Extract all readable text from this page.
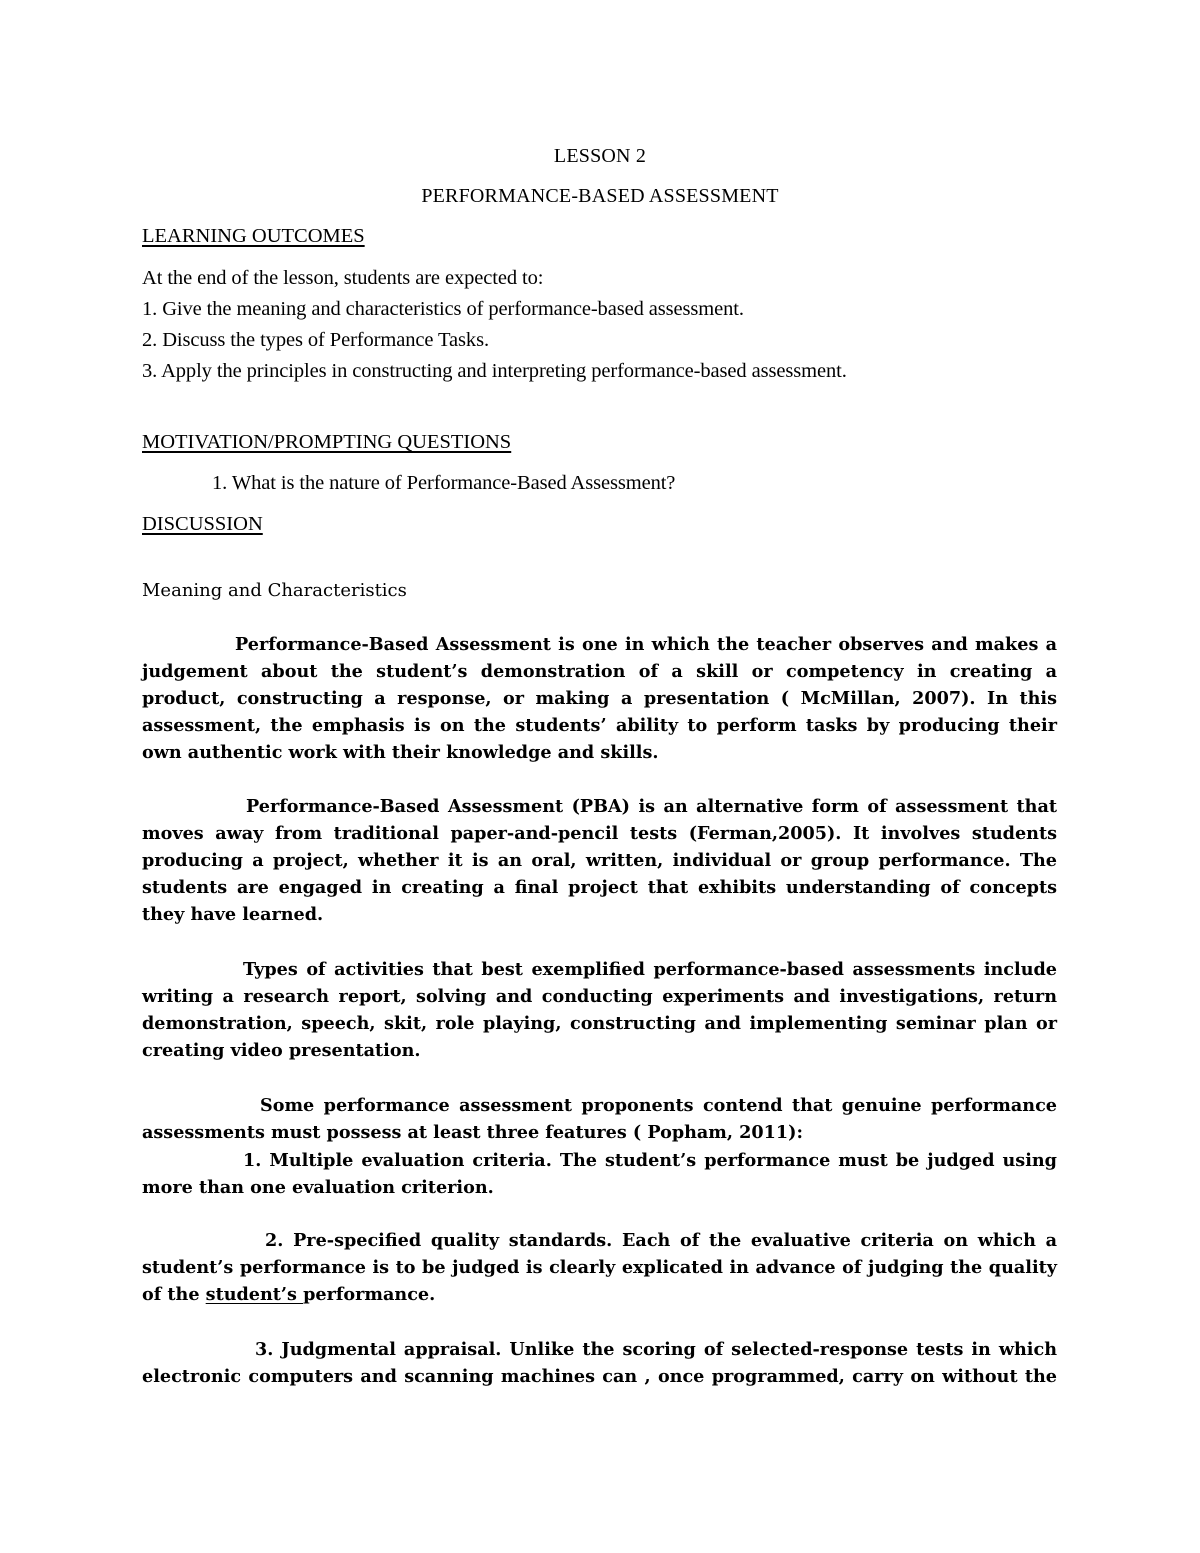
LESSON 2
PERFORMANCE-BASED ASSESSMENT
LEARNING OUTCOMES
At the end of the lesson, students are expected to:
1. Give the meaning and characteristics of performance-based assessment.
2. Discuss the types of Performance Tasks.
3. Apply the principles in constructing and interpreting performance-based assessment.
MOTIVATION/PROMPTING QUESTIONS
1. What is the nature of Performance-Based Assessment?
DISCUSSION
Meaning and Characteristics
Performance-Based Assessment is one in which the teacher observes and makes a
judgement about the student’s demonstration of a skill or competency in creating a
product, constructing a response, or making a presentation ( McMillan, 2007). In this
assessment, the emphasis is on the students’ ability to perform tasks by producing their
own authentic work with their knowledge and skills.
Performance-Based Assessment (PBA) is an alternative form of assessment that
moves away from traditional paper-and-pencil tests (Ferman,2005). It involves students
producing a project, whether it is an oral, written, individual or group performance. The
students are engaged in creating a final project that exhibits understanding of concepts
they have learned.
Types of activities that best exemplified performance-based assessments include
writing a research report, solving and conducting experiments and investigations, return
demonstration, speech, skit, role playing, constructing and implementing seminar plan or
creating video presentation.
Some performance assessment proponents contend that genuine performance
assessments must possess at least three features ( Popham, 2011):
1. Multiple evaluation criteria. The student’s performance must be judged using
more than one evaluation criterion.
2. Pre-specified quality standards. Each of the evaluative criteria on which a
student’s performance is to be judged is clearly explicated in advance of judging the quality
of the student’s performance.
3. Judgmental appraisal. Unlike the scoring of selected-response tests in which
electronic computers and scanning machines can , once programmed, carry on without the
